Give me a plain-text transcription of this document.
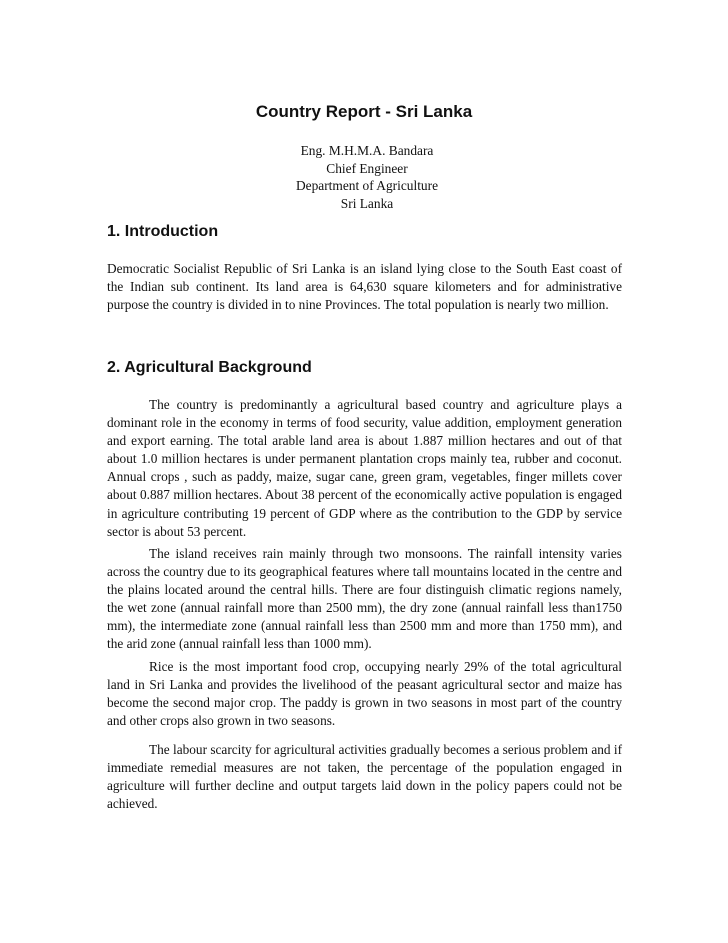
Country Report - Sri Lanka
Eng. M.H.M.A. Bandara
Chief Engineer
Department of Agriculture
Sri Lanka
1. Introduction

Democratic Socialist Republic of Sri Lanka is an island lying close to the South East coast of the Indian sub continent. Its land area is 64,630 square kilometers and for administrative purpose the country is divided in to nine Provinces. The total population is nearly two million.

2. Agricultural Background

The country is predominantly a agricultural based country and agriculture plays a dominant role in the economy in terms of food security, value addition, employment generation and export earning. The total arable land area is about 1.887 million hectares and out of that about 1.0 million hectares is under permanent plantation crops mainly tea, rubber and coconut. Annual crops , such as paddy, maize, sugar cane, green gram, vegetables, finger millets cover about 0.887 million hectares. About 38 percent of the economically active population is engaged in agriculture contributing 19 percent of GDP where as the contribution to the GDP by service sector is about 53 percent.

The island receives rain mainly through two monsoons. The rainfall intensity varies across the country due to its geographical features where tall mountains located in the centre and the plains located around the central hills. There are four distinguish climatic regions namely, the wet zone (annual rainfall more than 2500 mm), the dry zone (annual rainfall less than1750 mm), the intermediate zone (annual rainfall less than 2500 mm and more than 1750 mm), and the arid zone (annual rainfall less than 1000 mm).

Rice is the most important food crop, occupying nearly 29% of the total agricultural land in Sri Lanka and provides the livelihood of the peasant agricultural sector and maize has become the second major crop. The paddy is grown in two seasons in most part of the country and other crops also grown in two seasons.

The labour scarcity for agricultural activities gradually becomes a serious problem and if immediate remedial measures are not taken, the percentage of the population engaged in agriculture will further decline and output targets laid down in the policy papers could not be achieved.
